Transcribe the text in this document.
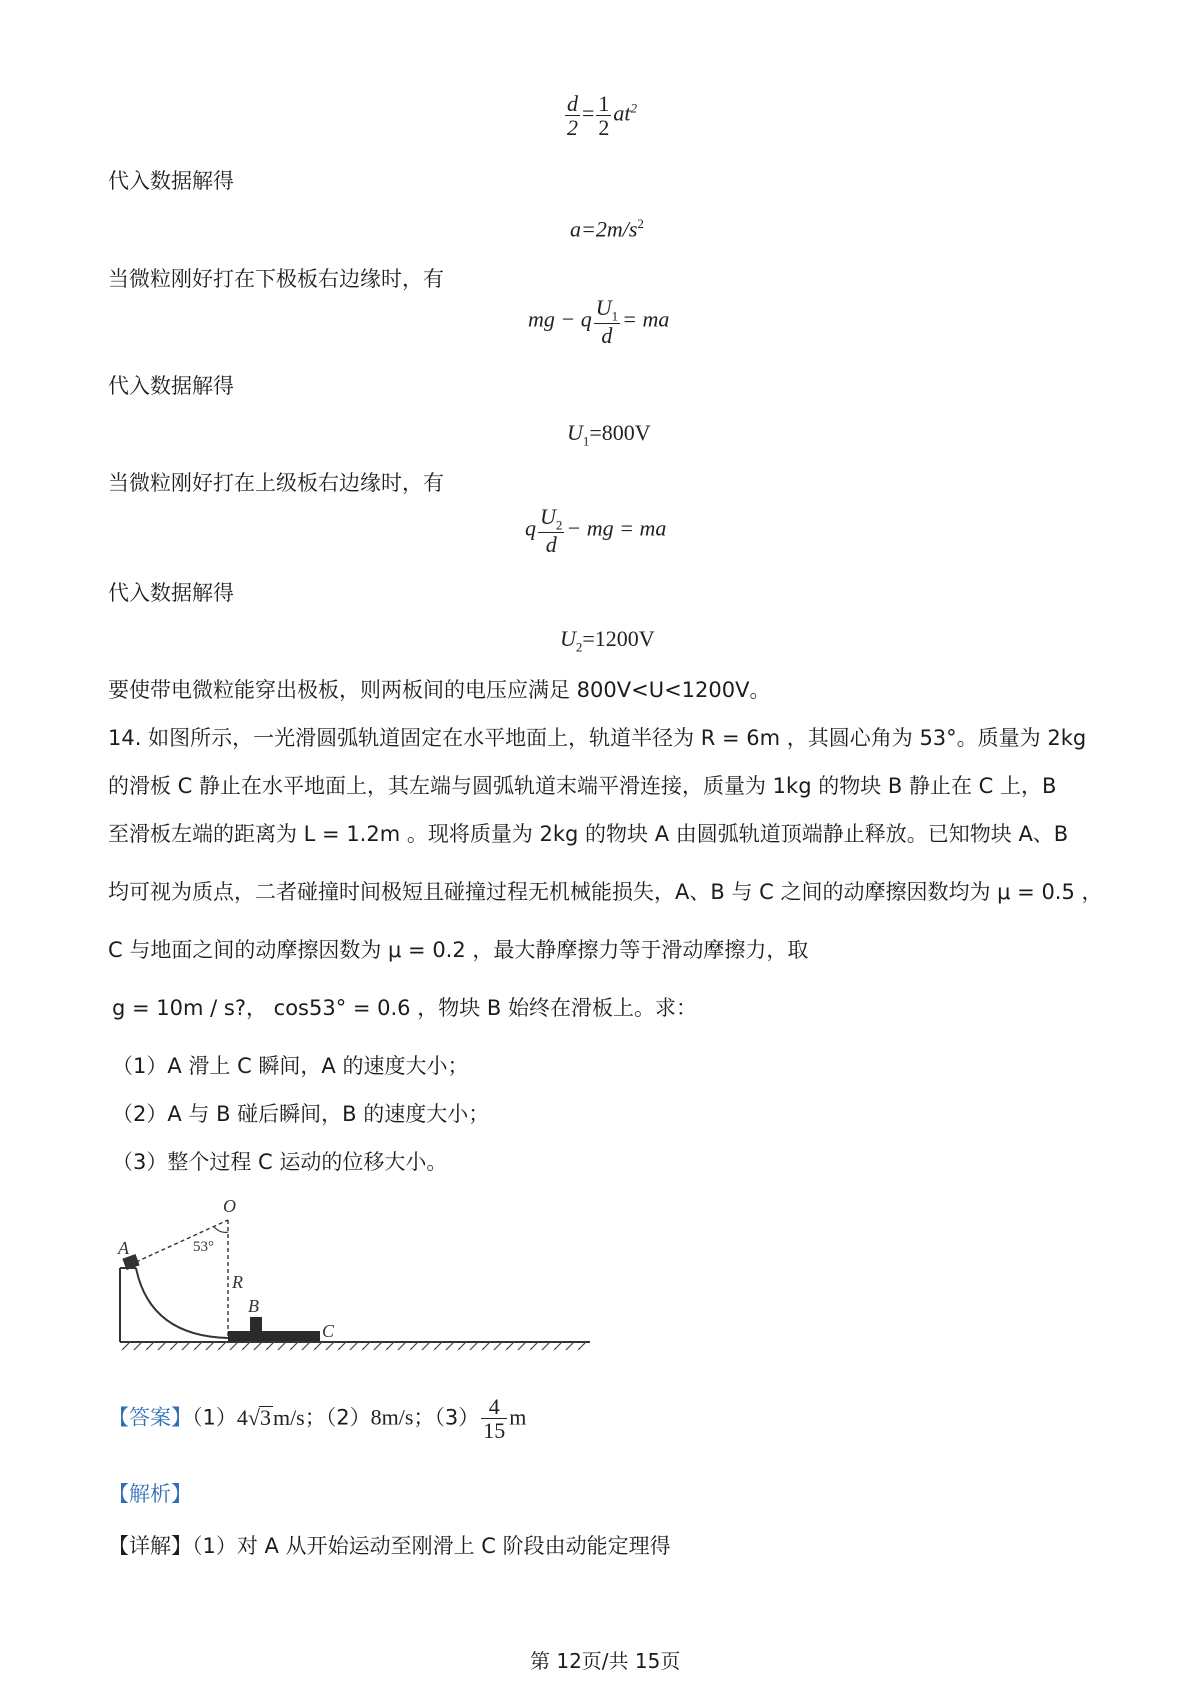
$\frac{d}{2} = \frac{1}{2} at^2$
代入数据解得
$a=2m/s^2$
当微粒刚好打在下极板右边缘时，有
mg − q $\frac{U_1}{d}$ = ma
代入数据解得
$U_1=800V$
当微粒刚好打在上级板右边缘时，有
q $\frac{U_2}{d}$ − mg = ma
代入数据解得
$U_2=1200V$
要使带电微粒能穿出极板，则两板间的电压应满足 800V<U<1200V。
14. 如图所示，一光滑圆弧轨道固定在水平地面上，轨道半径为 R = 6m ，其圆心角为 53°。质量为 2kg
的滑板 C 静止在水平地面上，其左端与圆弧轨道末端平滑连接，质量为 1kg 的物块 B 静止在 C 上，B
至滑板左端的距离为 L = 1.2m 。现将质量为 2kg 的物块 A 由圆弧轨道顶端静止释放。已知物块 A、B
均可视为质点，二者碰撞时间极短且碰撞过程无机械能损失，A、B 与 C 之间的动摩擦因数均为 μ = 0.5 ，
C 与地面之间的动摩擦因数为 μ = 0.2 ，最大静摩擦力等于滑动摩擦力，取
g = 10m / s?， cos53° = 0.6 ，物块 B 始终在滑板上。求：
（1）A 滑上 C 瞬间，A 的速度大小；
（2）A 与 B 碰后瞬间，B 的速度大小；
（3）整个过程 C 运动的位移大小。
O
A	53°
R
B
C
【答案】（1）4√3m/s；（2）8m/s；$(3) \frac{4}{15}$ m
【解析】
【详解】（1）对 A 从开始运动至刚滑上 C 阶段由动能定理得
第 12页/共 15页
